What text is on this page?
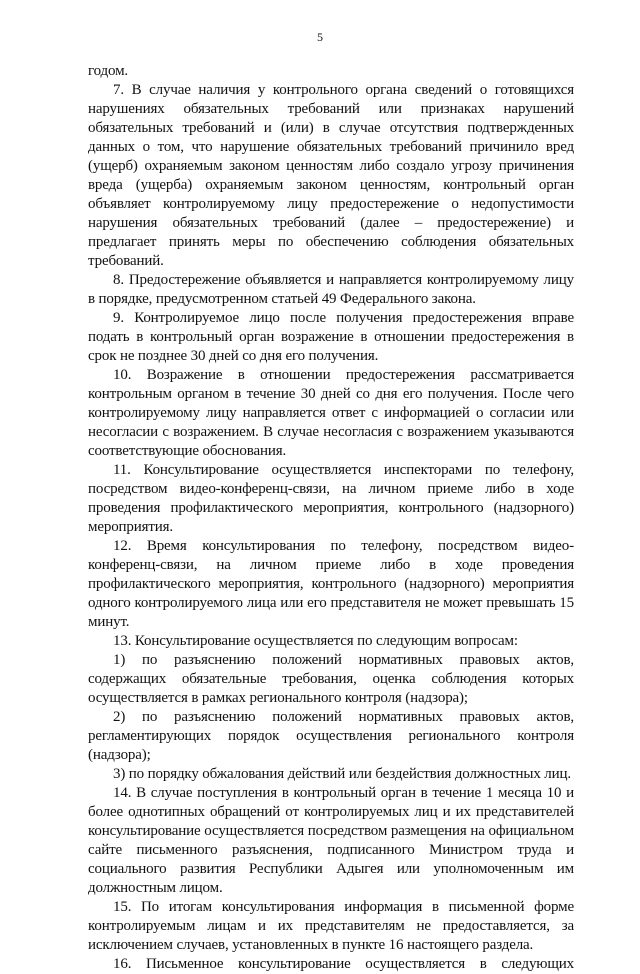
5

годом.

7. В случае наличия у контрольного органа сведений о готовящихся нарушениях обязательных требований или признаках нарушений обязательных требований и (или) в случае отсутствия подтвержденных данных о том, что нарушение обязательных требований причинило вред (ущерб) охраняемым законом ценностям либо создало угрозу причинения вреда (ущерба) охраняемым законом ценностям, контрольный орган объявляет контролируемому лицу предостережение о недопустимости нарушения обязательных требований (далее – предостережение) и предлагает принять меры по обеспечению соблюдения обязательных требований.

8. Предостережение объявляется и направляется контролируемому лицу в порядке, предусмотренном статьей 49 Федерального закона.

9. Контролируемое лицо после получения предостережения вправе подать в контрольный орган возражение в отношении предостережения в срок не позднее 30 дней со дня его получения.

10. Возражение в отношении предостережения рассматривается контрольным органом в течение 30 дней со дня его получения. После чего контролируемому лицу направляется ответ с информацией о согласии или несогласии с возражением. В случае несогласия с возражением указываются соответствующие обоснования.

11. Консультирование осуществляется инспекторами по телефону, посредством видео-конференц-связи, на личном приеме либо в ходе проведения профилактического мероприятия, контрольного (надзорного) мероприятия.

12. Время консультирования по телефону, посредством видео-конференц-связи, на личном приеме либо в ходе проведения профилактического мероприятия, контрольного (надзорного) мероприятия одного контролируемого лица или его представителя не может превышать 15 минут.

13. Консультирование осуществляется по следующим вопросам:

1) по разъяснению положений нормативных правовых актов, содержащих обязательные требования, оценка соблюдения которых осуществляется в рамках регионального контроля (надзора);

2) по разъяснению положений нормативных правовых актов, регламентирующих порядок осуществления регионального контроля (надзора);

3) по порядку обжалования действий или бездействия должностных лиц.

14. В случае поступления в контрольный орган в течение 1 месяца 10 и более однотипных обращений от контролируемых лиц и их представителей консультирование осуществляется посредством размещения на официальном сайте письменного разъяснения, подписанного Министром труда и социального развития Республики Адыгея или уполномоченным им должностным лицом.

15. По итогам консультирования информация в письменной форме контролируемым лицам и их представителям не предоставляется, за исключением случаев, установленных в пункте 16 настоящего раздела.

16. Письменное консультирование осуществляется в следующих
